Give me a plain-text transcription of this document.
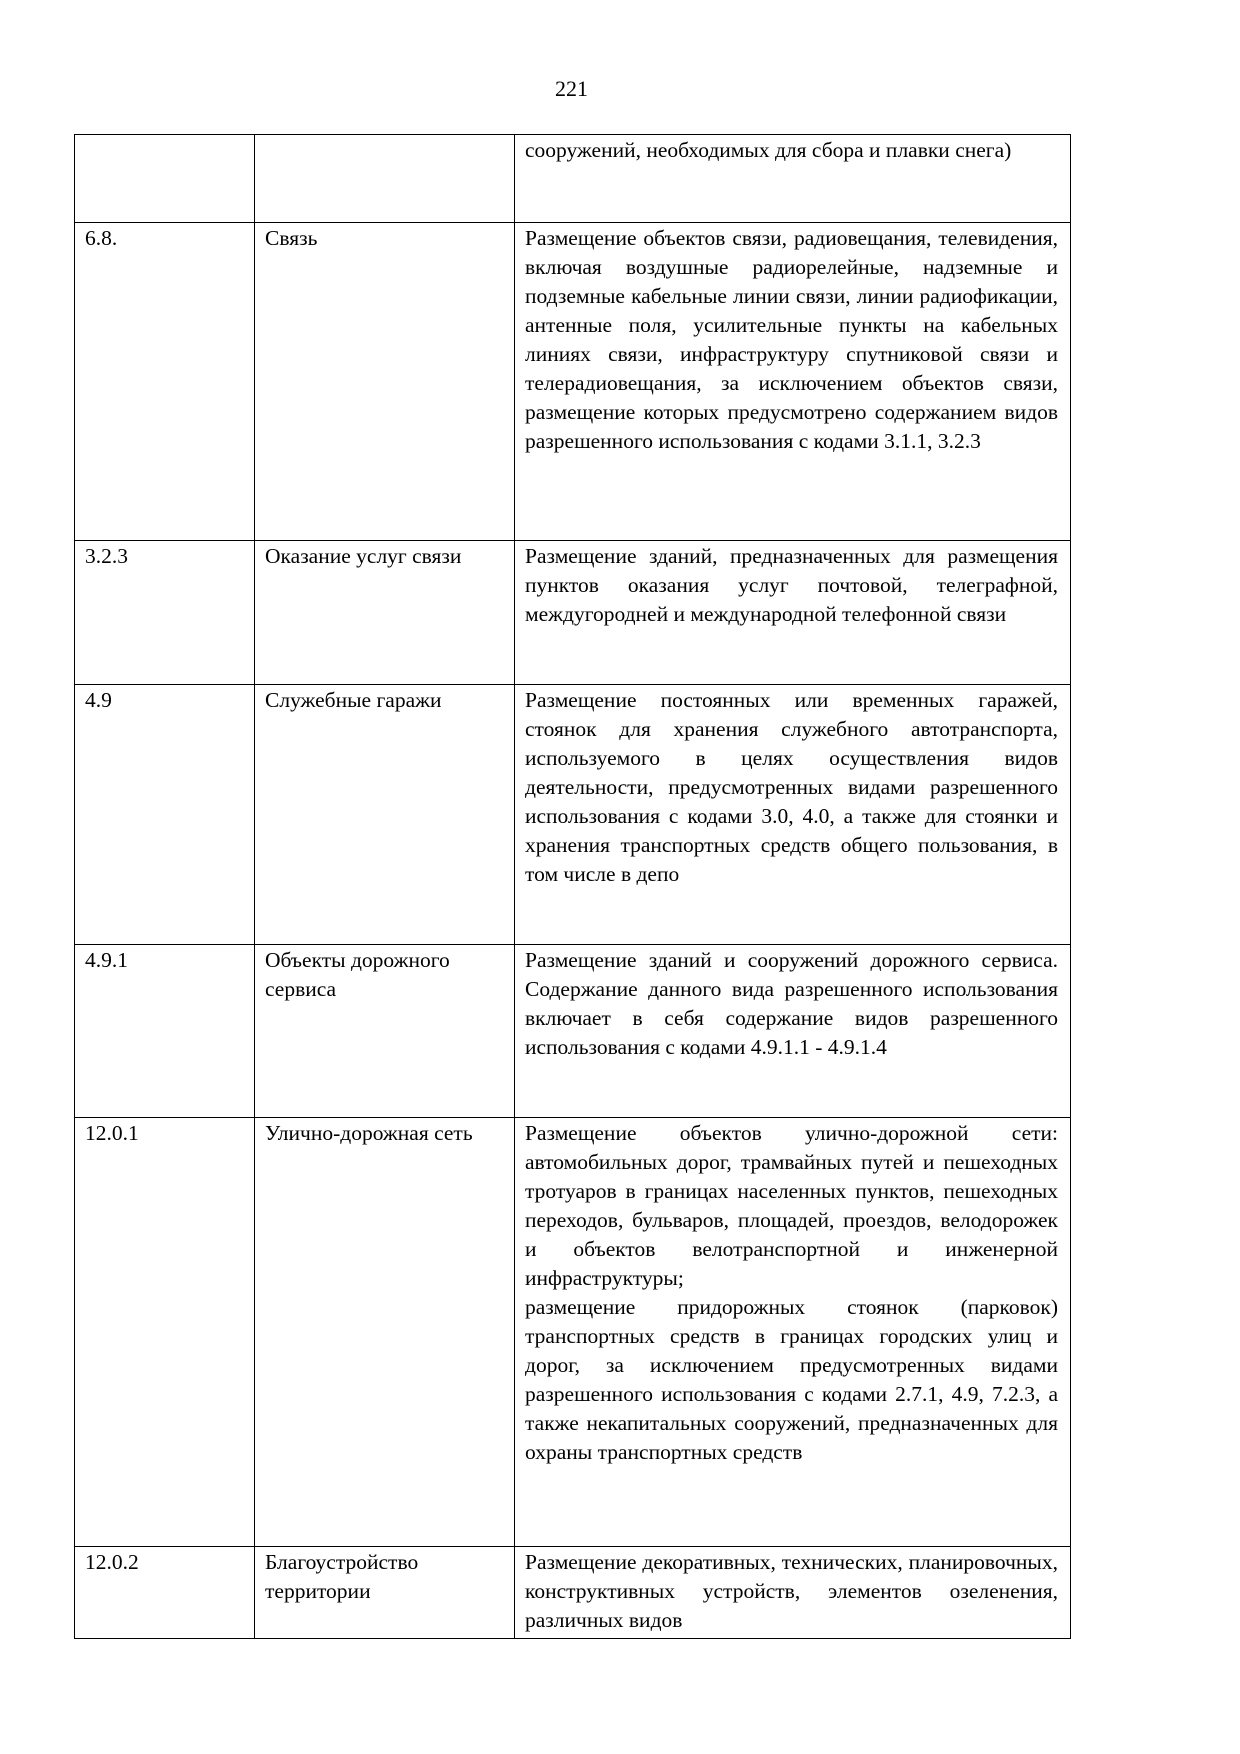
221

		сооружений, необходимых для сбора и плавки снега)

6.8.	Связь	Размещение объектов связи, радиовещания, телевидения, включая воздушные радиорелейные, надземные и подземные кабельные линии связи, линии радиофикации, антенные поля, усилительные пункты на кабельных линиях связи, инфраструктуру спутниковой связи и телерадиовещания, за исключением объектов связи, размещение которых предусмотрено содержанием видов разрешенного использования с кодами 3.1.1, 3.2.3

3.2.3	Оказание услуг связи	Размещение зданий, предназначенных для размещения пунктов оказания услуг почтовой, телеграфной, междугородней и международной телефонной связи

4.9	Служебные гаражи	Размещение постоянных или временных гаражей, стоянок для хранения служебного автотранспорта, используемого в целях осуществления видов деятельности, предусмотренных видами разрешенного использования с кодами 3.0, 4.0, а также для стоянки и хранения транспортных средств общего пользования, в том числе в депо

4.9.1	Объекты дорожного сервиса	Размещение зданий и сооружений дорожного сервиса. Содержание данного вида разрешенного использования включает в себя содержание видов разрешенного использования с кодами 4.9.1.1 - 4.9.1.4

12.0.1	Улично-дорожная сеть	Размещение объектов улично-дорожной сети: автомобильных дорог, трамвайных путей и пешеходных тротуаров в границах населенных пунктов, пешеходных переходов, бульваров, площадей, проездов, велодорожек и объектов велотранспортной и инженерной инфраструктуры;
размещение придорожных стоянок (парковок) транспортных средств в границах городских улиц и дорог, за исключением предусмотренных видами разрешенного использования с кодами 2.7.1, 4.9, 7.2.3, а также некапитальных сооружений, предназначенных для охраны транспортных средств

12.0.2	Благоустройство территории	Размещение декоративных, технических, планировочных, конструктивных устройств, элементов озеленения, различных видов
